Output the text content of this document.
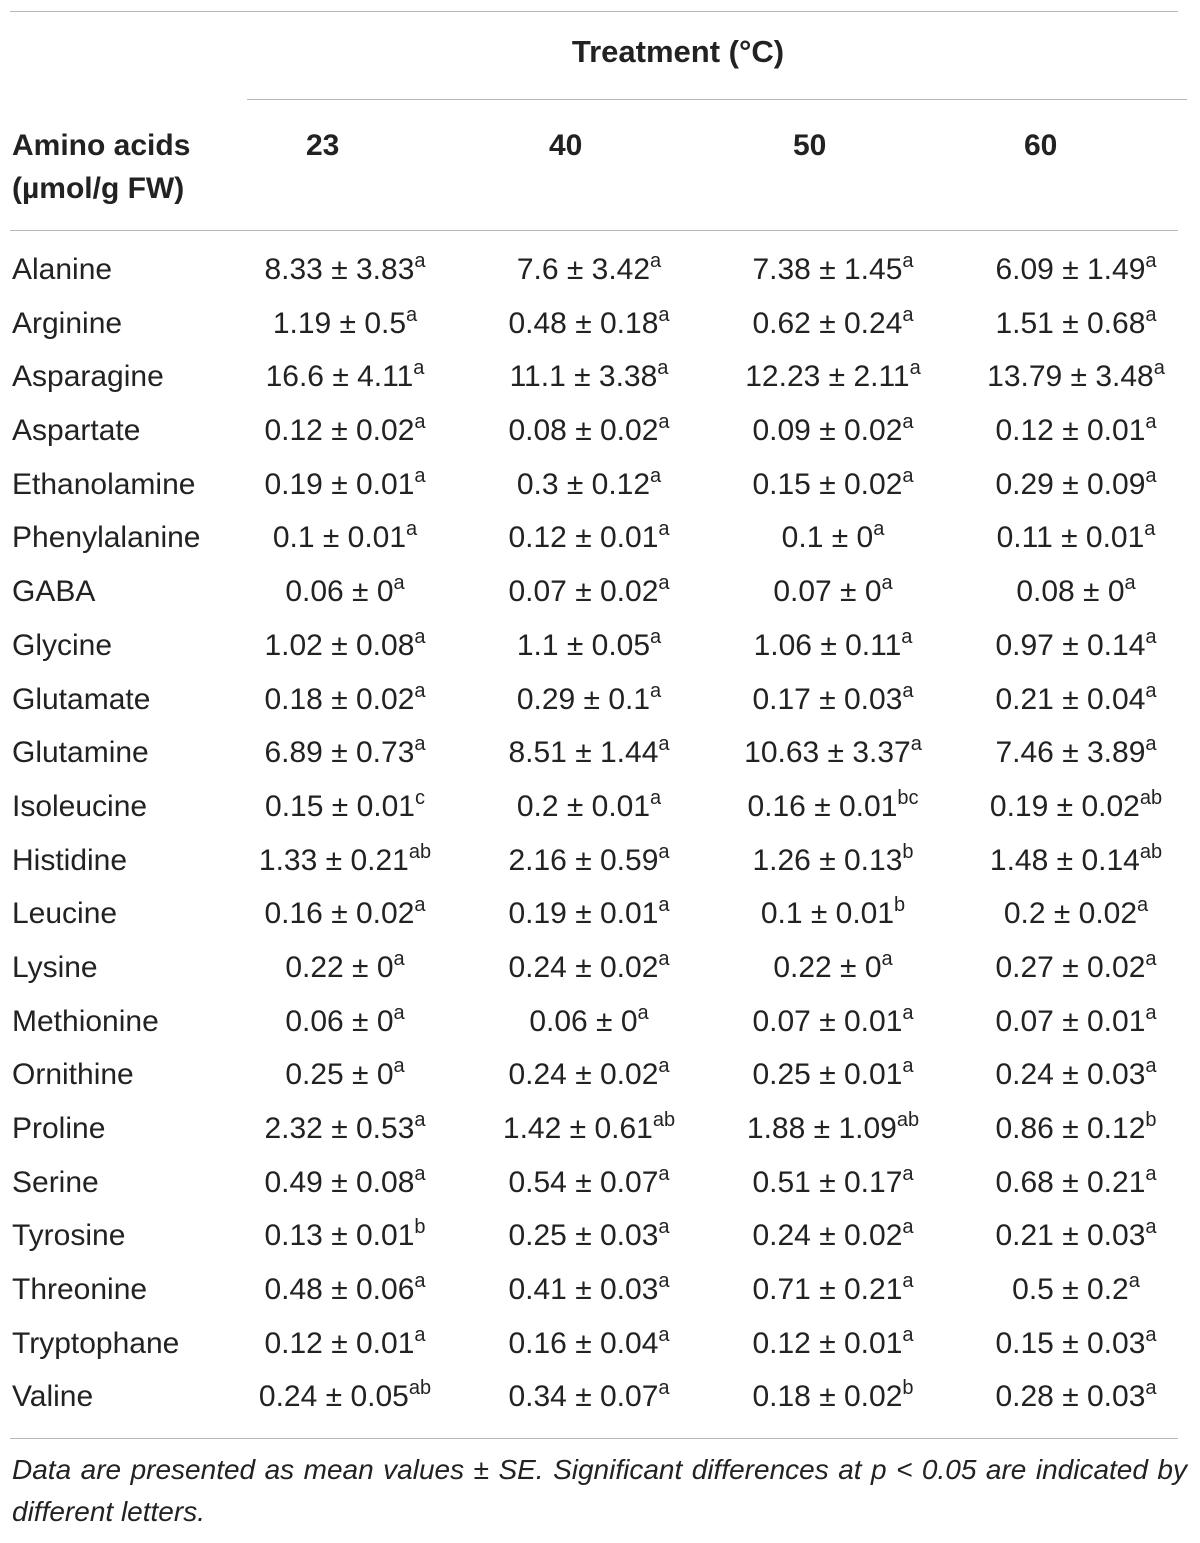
Treatment (°C)
Amino acids
(µmol/g FW)
23	40	50	60
Alanine	8.33 ± 3.83$^a$	7.6 ± 3.42$^a$	7.38 ± 1.45$^a$	6.09 ± 1.49$^a$
Arginine	1.19 ± 0.5$^a$	0.48 ± 0.18$^a$	0.62 ± 0.24$^a$	1.51 ± 0.68$^a$
Asparagine	16.6 ± 4.11$^a$	11.1 ± 3.38$^a$	12.23 ± 2.11$^a$ 13.79 ± 3.48$^a$
Aspartate	0.12 ± 0.02$^a$	0.08 ± 0.02$^a$	0.09 ± 0.02$^a$	0.12 ± 0.01$^a$
Ethanolamine 0.19 ± 0.01$^a$	0.3 ± 0.12$^a$	0.15 ± 0.02$^a$	0.29 ± 0.09$^a$
Phenylalanine 0.1 ± 0.01$^a$	0.12 ± 0.01$^a$	$0.1 \pm 0^a$	0.11 ± 0.01$^a$
GABA	$0.06 \pm 0^a$	0.07 ± 0.02$^a$	$0.07 \pm 0^a$	$0.08 \pm 0^a$
Glycine	1.02 ± 0.08$^a$	1.1 ± 0.05$^a$	1.06 ± 0.11$^a$	0.97 ± 0.14$^a$
Glutamate	0.18 ± 0.02$^a$	0.29 ± 0.1$^a$	0.17 ± 0.03$^a$	0.21 ± 0.04$^a$
Glutamine	6.89 ± 0.73$^a$	8.51 ± 1.44$^a$ 10.63 ± 3.37$^a$ 7.46 ± 3.89$^a$
Isoleucine	0.15 ± 0.01$^c$	0.2 ± 0.01$^a$	0.16 ± 0.01$^{bc}$ 0.19 ± 0.02$^{ab}$
Histidine	1.33 ± 0.21$^{ab}$	2.16 ± 0.59$^a$	1.26 ± 0.13$^b$	1.48 ± 0.14$^{ab}$
Leucine	0.16 ± 0.02$^a$	0.19 ± 0.01$^a$	0.1 ± 0.01$^b$	0.2 ± 0.02$^a$
Lysine	$0.22 \pm 0^a$	0.24 ± 0.02$^a$	$0.22 \pm 0^a$	0.27 ± 0.02$^a$
Methionine	$0.06 \pm 0^a$	$0.06 \pm 0^a$	0.07 ± 0.01$^a$	0.07 ± 0.01$^a$
Ornithine	$0.25 \pm 0^a$	0.24 ± 0.02$^a$	0.25 ± 0.01$^a$	0.24 ± 0.03$^a$
Proline	2.32 ± 0.53$^a$	1.42 ± 0.61$^{ab}$ 1.88 ± 1.09$^{ab}$	0.86 ± 0.12$^b$
Serine	0.49 ± 0.08$^a$	0.54 ± 0.07$^a$	0.51 ± 0.17$^a$	0.68 ± 0.21$^a$
Tyrosine	0.13 ± 0.01$^b$	0.25 ± 0.03$^a$	0.24 ± 0.02$^a$	0.21 ± 0.03$^a$
Threonine	0.48 ± 0.06$^a$	0.41 ± 0.03$^a$	0.71 ± 0.21$^a$	0.5 ± 0.2$^a$
Tryptophane	0.12 ± 0.01$^a$	0.16 ± 0.04$^a$	0.12 ± 0.01$^a$	0.15 ± 0.03$^a$
Valine	0.24 ± 0.05$^{ab}$	0.34 ± 0.07$^a$	0.18 ± 0.02$^b$	0.28 ± 0.03$^a$
Data are presented as mean values ± SE. Significant differences at p < 0.05 are indicated by different letters.
